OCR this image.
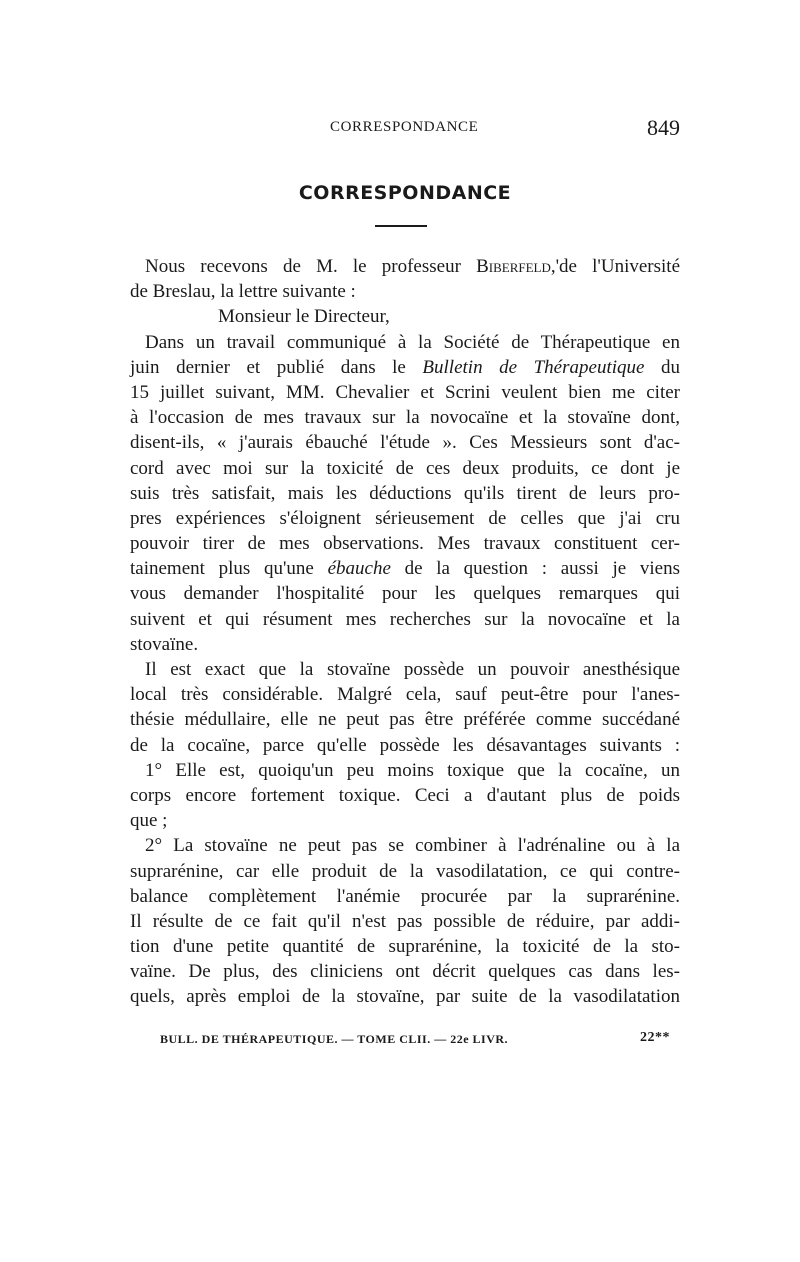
CORRESPONDANCE	849
CORRESPONDANCE
Nous recevons de M. le professeur Biberfeld,'de l'Université
de Breslau, la lettre suivante :
Monsieur le Directeur,
Dans un travail communiqué à la Société de Thérapeutique en
juin dernier et publié dans le Bulletin de Thérapeutique du
15 juillet suivant, MM. Chevalier et Scrini veulent bien me citer
à l'occasion de mes travaux sur la novocaïne et la stovaïne dont,
disent-ils, « j'aurais ébauché l'étude ». Ces Messieurs sont d'ac-
cord avec moi sur la toxicité de ces deux produits, ce dont je
suis très satisfait, mais les déductions qu'ils tirent de leurs pro-
pres expériences s'éloignent sérieusement de celles que j'ai cru
pouvoir tirer de mes observations. Mes travaux constituent cer-
tainement plus qu'une ébauche de la question : aussi je viens
vous demander l'hospitalité pour les quelques remarques qui
suivent et qui résument mes recherches sur la novocaïne et la
stovaïne.
Il est exact que la stovaïne possède un pouvoir anesthésique
local très considérable. Malgré cela, sauf peut-être pour l'anes-
thésie médullaire, elle ne peut pas être préférée comme succédané
de la cocaïne, parce qu'elle possède les désavantages suivants :
1° Elle est, quoiqu'un peu moins toxique que la cocaïne, un
corps encore fortement toxique. Ceci a d'autant plus de poids
que ;
2° La stovaïne ne peut pas se combiner à l'adrénaline ou à la
suprarénine, car elle produit de la vasodilatation, ce qui contre-
balance complètement l'anémie procurée par la suprarénine.
Il résulte de ce fait qu'il n'est pas possible de réduire, par addi-
tion d'une petite quantité de suprarénine, la toxicité de la sto-
vaïne. De plus, des cliniciens ont décrit quelques cas dans les-
quels, après emploi de la stovaïne, par suite de la vasodilatation
BULL. DE THÉRAPEUTIQUE. — TOME CLII. — 22e LIVR.	22**
